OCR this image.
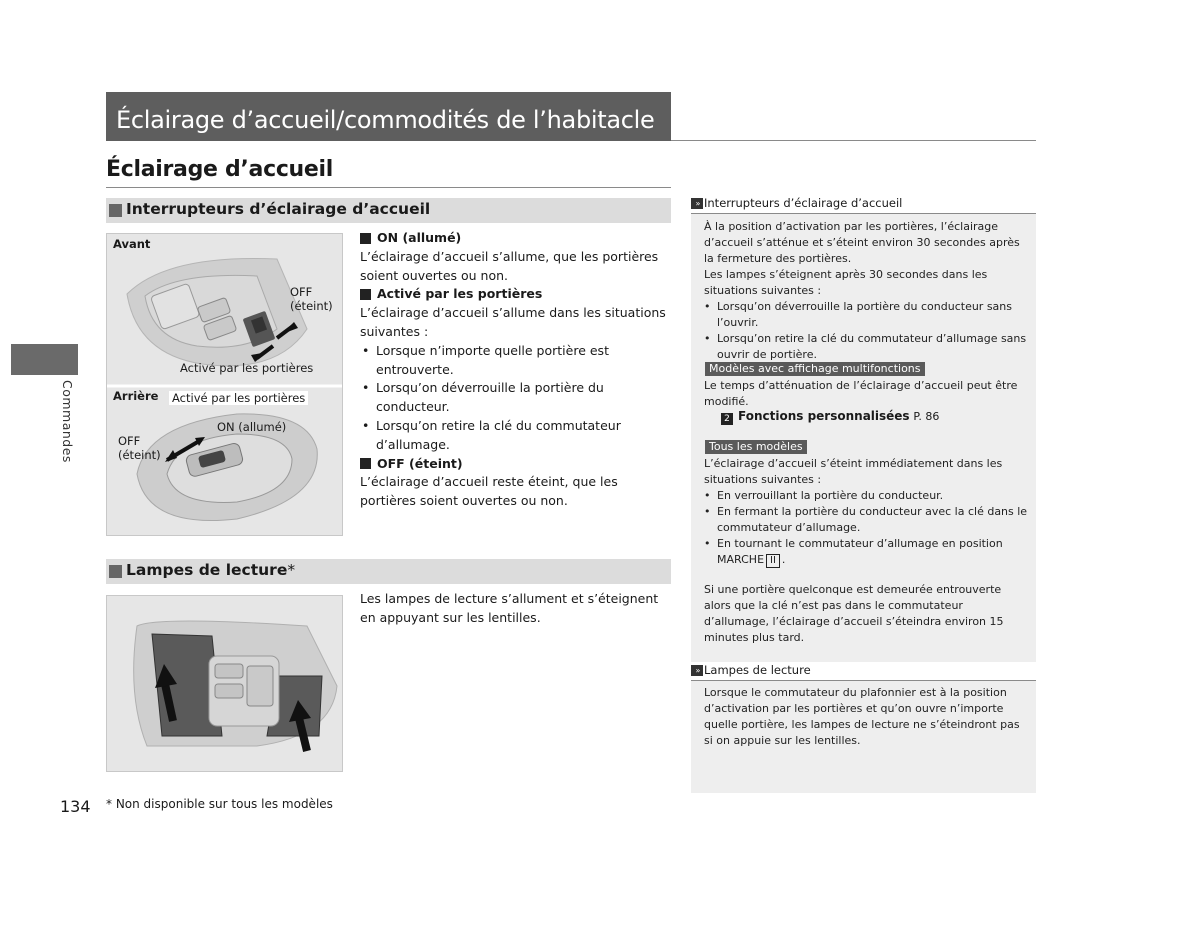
Éclairage d’accueil/commodités de l’habitacle
Éclairage d’accueil
Commandes
Interrupteurs d’éclairage d’accueil
Avant
OFF
(éteint)
Activé par les portières
Arrière Activé par les portières
ON (allumé)
OFF
(éteint)
ON (allumé)
L’éclairage d’accueil s’allume, que les portières soient ouvertes ou non.
Activé par les portières
L’éclairage d’accueil s’allume dans les situations suivantes :
• Lorsque n’importe quelle portière est entrouverte.
• Lorsqu’on déverrouille la portière du conducteur.
• Lorsqu’on retire la clé du commutateur d’allumage.
OFF (éteint)
L’éclairage d’accueil reste éteint, que les portières soient ouvertes ou non.
Lampes de lecture*
Les lampes de lecture s’allument et s’éteignent en appuyant sur les lentilles.
» Interrupteurs d’éclairage d’accueil
À la position d’activation par les portières, l’éclairage d’accueil s’atténue et s’éteint environ 30 secondes après la fermeture des portières.
Les lampes s’éteignent après 30 secondes dans les situations suivantes :
• Lorsqu’on déverrouille la portière du conducteur sans l’ouvrir.
• Lorsqu’on retire la clé du commutateur d’allumage sans ouvrir de portière.
Modèles avec affichage multifonctions
Le temps d’atténuation de l’éclairage d’accueil peut être modifié.
2 Fonctions personnalisées P. 86
Tous les modèles
L’éclairage d’accueil s’éteint immédiatement dans les situations suivantes :
• En verrouillant la portière du conducteur.
• En fermant la portière du conducteur avec la clé dans le commutateur d’allumage.
• En tournant le commutateur d’allumage en position MARCHE II .
Si une portière quelconque est demeurée entrouverte alors que la clé n’est pas dans le commutateur d’allumage, l’éclairage d’accueil s’éteindra environ 15 minutes plus tard.
» Lampes de lecture
Lorsque le commutateur du plafonnier est à la position d’activation par les portières et qu’on ouvre n’importe quelle portière, les lampes de lecture ne s’éteindront pas si on appuie sur les lentilles.
134 * Non disponible sur tous les modèles
